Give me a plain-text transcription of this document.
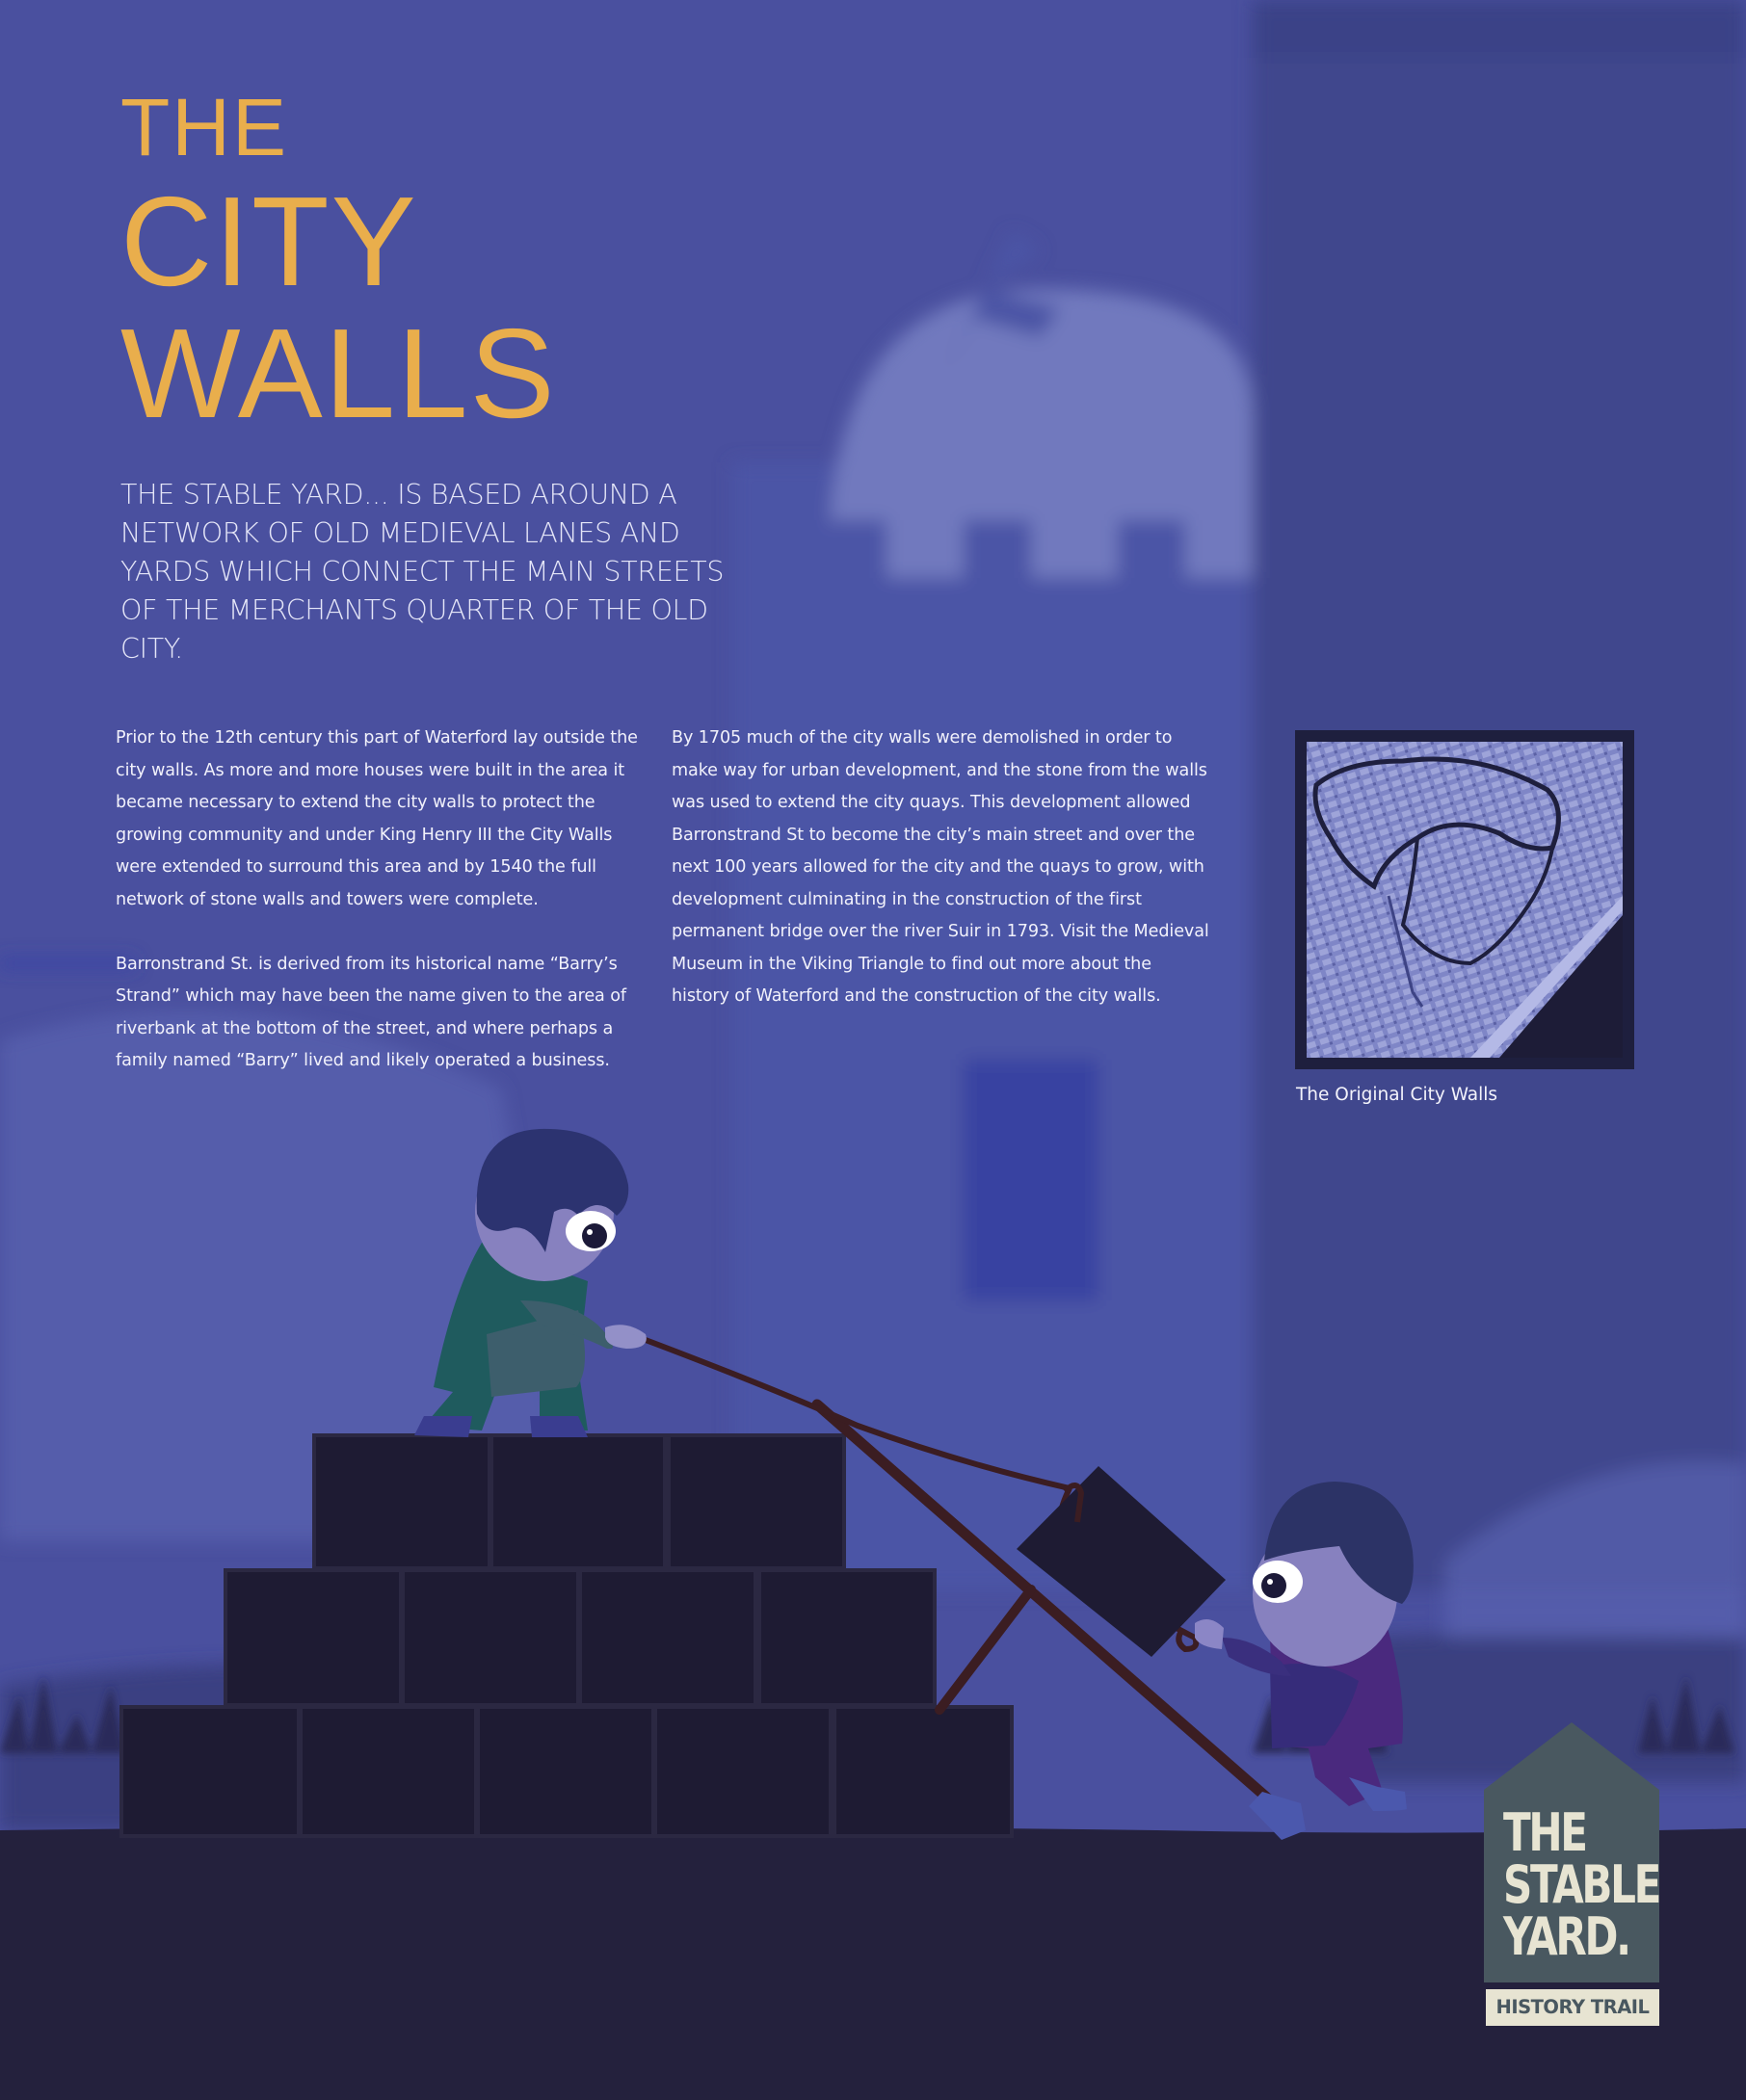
THE
CITY
WALLS

THE STABLE YARD... IS BASED AROUND A NETWORK OF OLD MEDIEVAL LANES AND YARDS WHICH CONNECT THE MAIN STREETS OF THE MERCHANTS QUARTER OF THE OLD CITY.

Prior to the 12th century this part of Waterford lay outside the city walls. As more and more houses were built in the area it became necessary to extend the city walls to protect the growing community and under King Henry III the City Walls were extended to surround this area and by 1540 the full network of stone walls and towers were complete.

Barronstrand St. is derived from its historical name “Barry’s Strand” which may have been the name given to the area of riverbank at the bottom of the street, and where perhaps a family named “Barry” lived and likely operated a business.

By 1705 much of the city walls were demolished in order to make way for urban development, and the stone from the walls was used to extend the city quays. This development allowed Barronstrand St to become the city’s main street and over the next 100 years allowed for the city and the quays to grow, with development culminating in the construction of the first permanent bridge over the river Suir in 1793. Visit the Medieval Museum in the Viking Triangle to find out more about the history of Waterford and the construction of the city walls.

The Original City Walls

THE

STABLE

YARD.

HISTORY TRAIL
